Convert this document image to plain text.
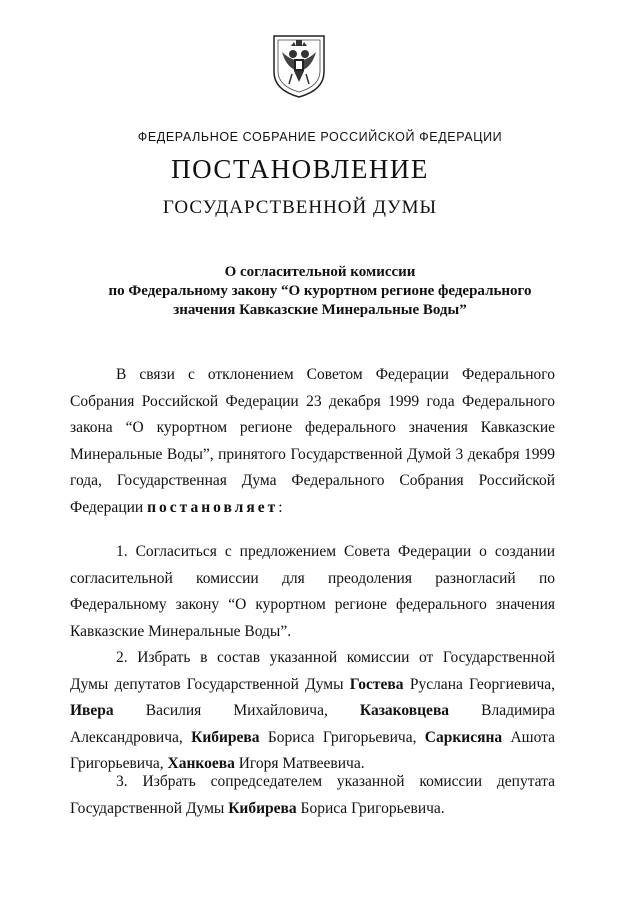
ФЕДЕРАЛЬНОЕ СОБРАНИЕ РОССИЙСКОЙ ФЕДЕРАЦИИ
ПОСТАНОВЛЕНИЕ
ГОСУДАРСТВЕННОЙ ДУМЫ
О согласительной комиссии
по Федеральному закону “О курортном регионе федерального
значения Кавказские Минеральные Воды”
В связи с отклонением Советом Федерации Федерального Собрания Российской Федерации 23 декабря 1999 года Федерального закона “О курортном регионе федерального значения Кавказские Минеральные Воды”, принятого Государственной Думой 3 декабря 1999 года, Государственная Дума Федерального Собрания Российской Федерации постановляет:
1. Согласиться с предложением Совета Федерации о создании согласительной комиссии для преодоления разногласий по Федеральному закону “О курортном регионе федерального значения Кавказские Минеральные Воды”.
2. Избрать в состав указанной комиссии от Государственной Думы депутатов Государственной Думы Гостева Руслана Георгиевича, Ивера Василия Михайловича, Казаковцева Владимира Александровича, Кибирева Бориса Григорьевича, Саркисяна Ашота Григорьевича, Ханкоева Игоря Матвеевича.
3. Избрать сопредседателем указанной комиссии депутата Государственной Думы Кибирева Бориса Григорьевича.
